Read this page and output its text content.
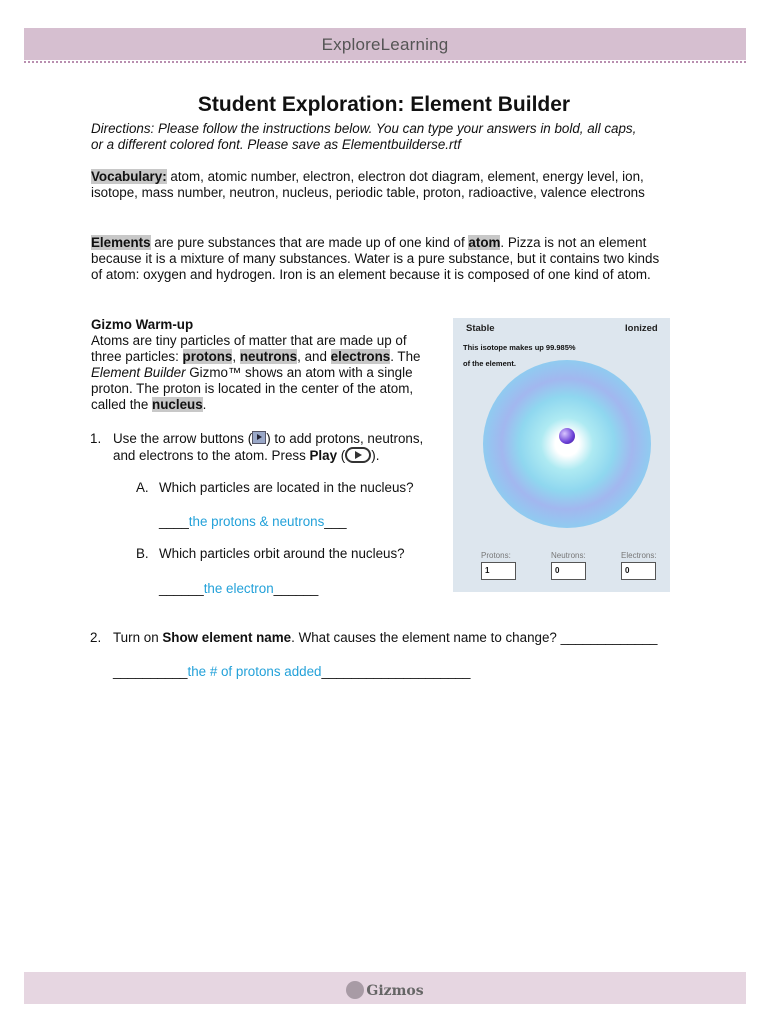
ExploreLearning
Student Exploration: Element Builder
Directions: Please follow the instructions below. You can type your answers in bold, all caps,
or a different colored font. Please save as Elementbuilderse.rtf
Vocabulary: atom, atomic number, electron, electron dot diagram, element, energy level, ion,
isotope, mass number, neutron, nucleus, periodic table, proton, radioactive, valence electrons
Elements are pure substances that are made up of one kind of atom. Pizza is not an element
because it is a mixture of many substances. Water is a pure substance, but it contains two kinds
of atom: oxygen and hydrogen. Iron is an element because it is composed of one kind of atom.
Gizmo Warm-up
Atoms are tiny particles of matter that are made up of
three particles: protons, neutrons, and electrons. The
Element Builder Gizmo™ shows an atom with a single
proton. The proton is located in the center of the atom,
called the nucleus.
1. Use the arrow buttons ( ) to add protons, neutrons,
and electrons to the atom. Press Play ( ).
A. Which particles are located in the nucleus?
____the protons & neutrons___
B. Which particles orbit around the nucleus?
______the electron______
Stable	Ionized
This isotope makes up 99.985%
of the element.
Protons:	Neutrons:	Electrons:
1	0	0
2. Turn on Show element name. What causes the element name to change? _____________
__________the # of protons added____________________
Gizmos
